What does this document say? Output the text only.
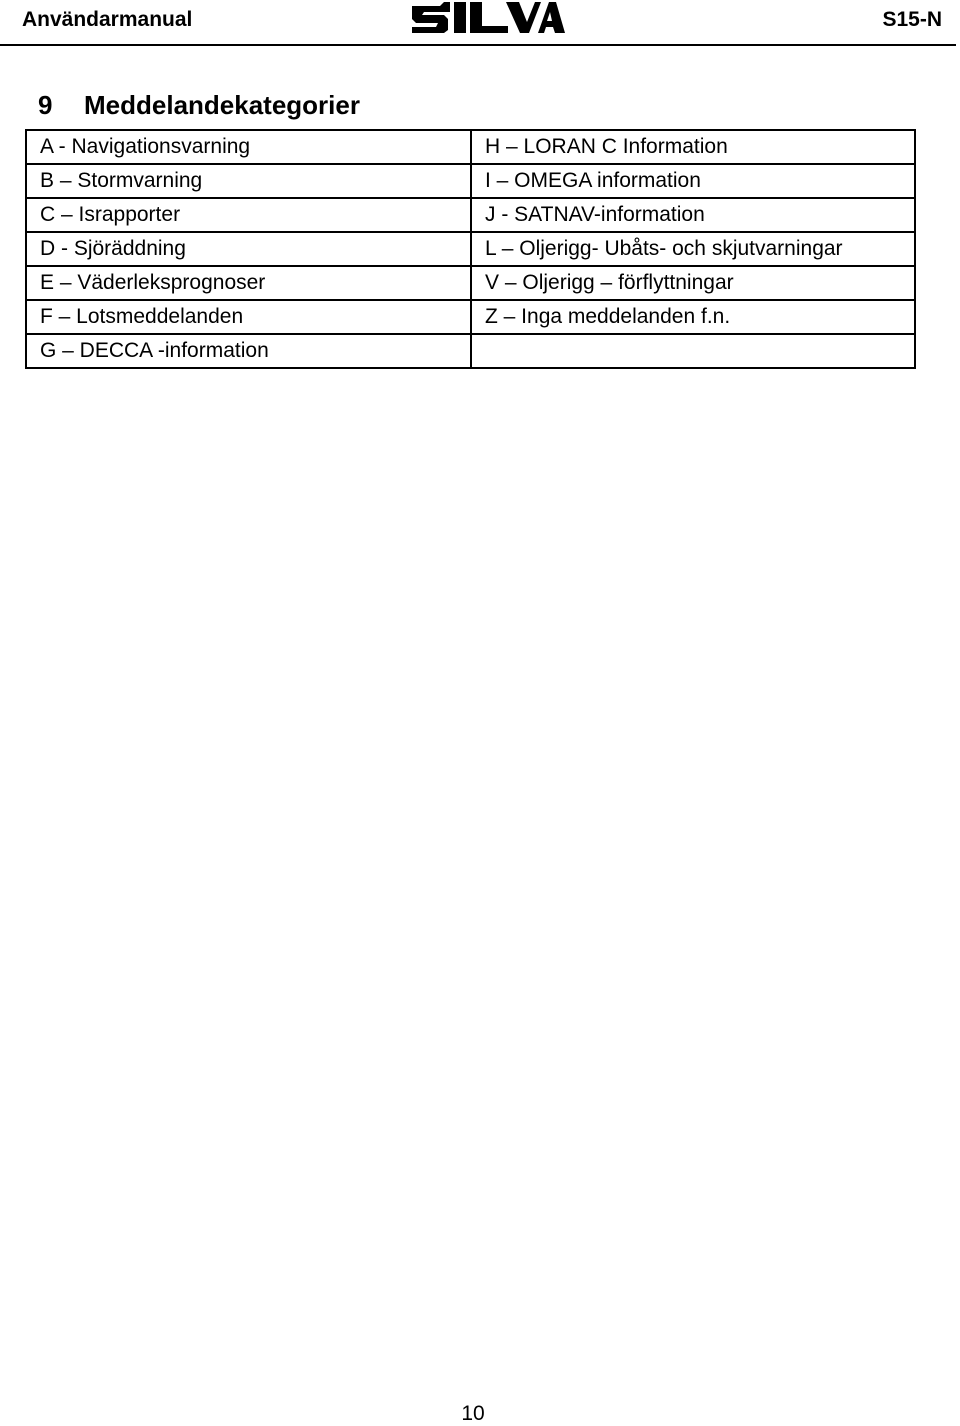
Användarmanual	S15-N
9 Meddelandekategorier
A - Navigationsvarning	H – LORAN C Information
B – Stormvarning	I – OMEGA information
C – Israpporter	J - SATNAV-information
D - Sjöräddning	L – Oljerigg- Ubåts- och skjutvarningar
E – Väderleksprognoser	V – Oljerigg – förflyttningar
F – Lotsmeddelanden	Z – Inga meddelanden f.n.
G – DECCA -information	
10
